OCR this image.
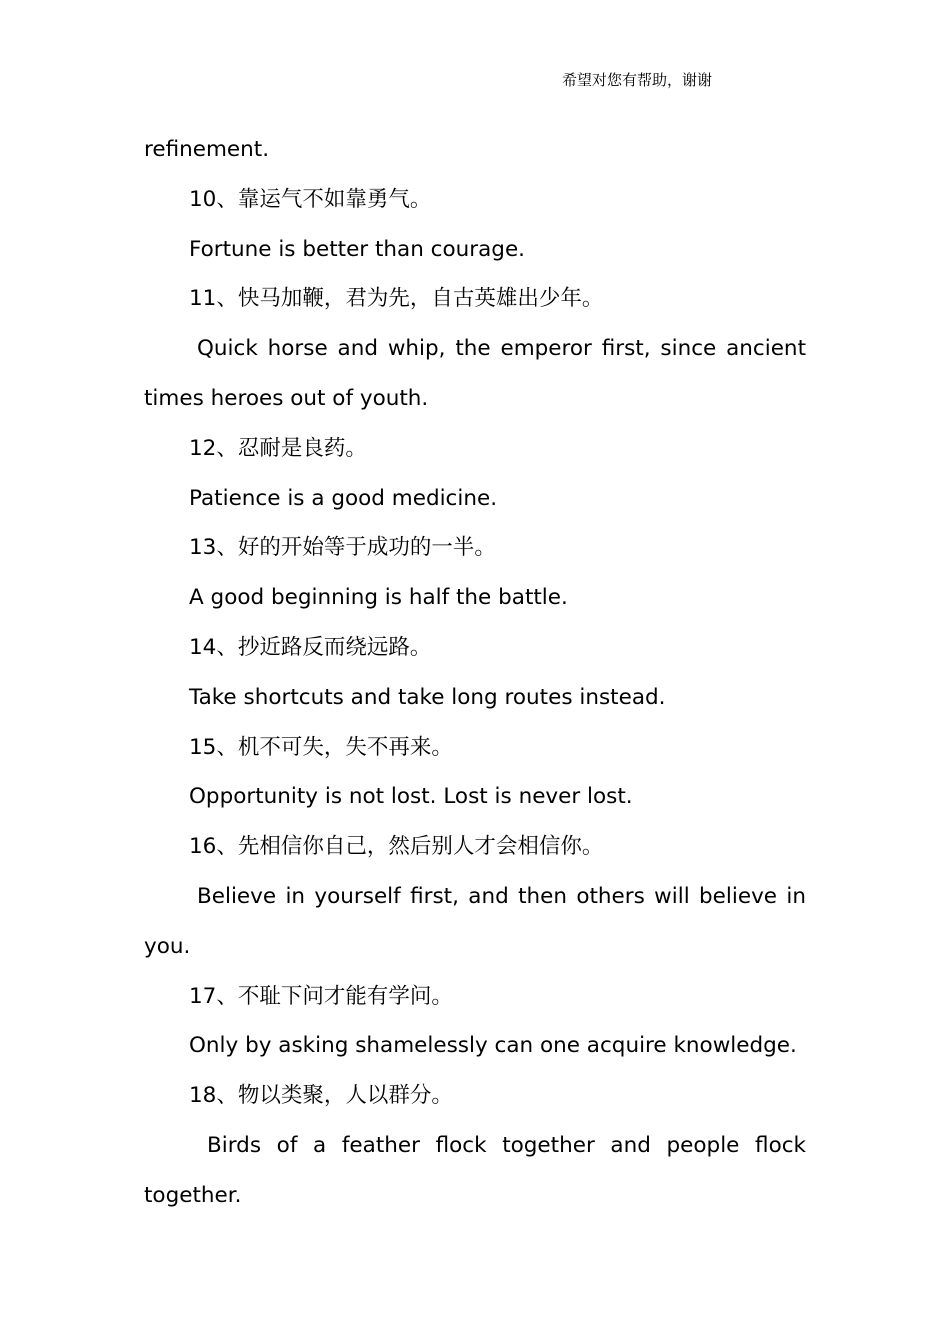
希望对您有帮助，谢谢
refinement.
10、靠运气不如靠勇气。
Fortune is better than courage.
11、快马加鞭，君为先，自古英雄出少年。
Quick horse and whip, the emperor first, since ancient times heroes out of youth.
12、忍耐是良药。
Patience is a good medicine.
13、好的开始等于成功的一半。
A good beginning is half the battle.
14、抄近路反而绕远路。
Take shortcuts and take long routes instead.
15、机不可失，失不再来。
Opportunity is not lost. Lost is never lost.
16、先相信你自己，然后别人才会相信你。
Believe in yourself first, and then others will believe in you.
17、不耻下问才能有学问。
Only by asking shamelessly can one acquire knowledge.
18、物以类聚，人以群分。
Birds of a feather flock together and people flock together.
